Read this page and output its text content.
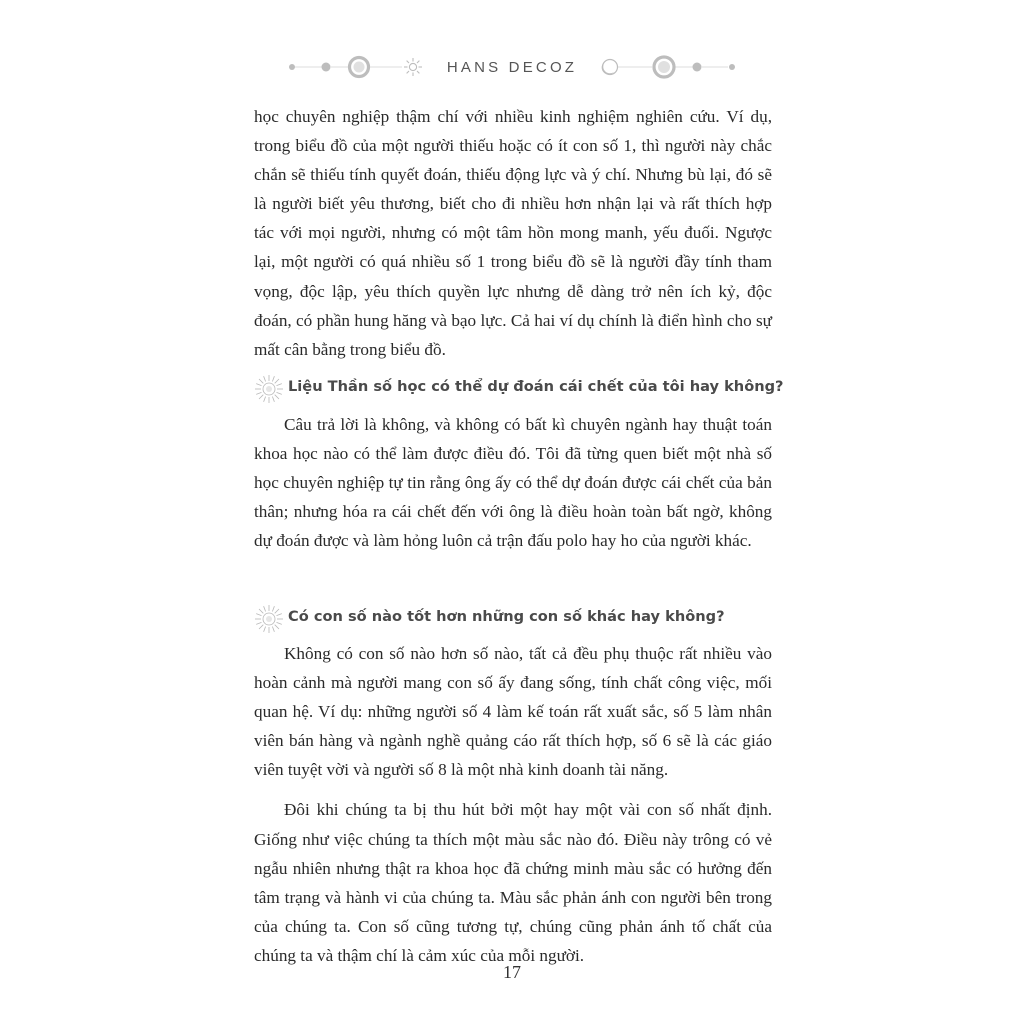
HANS DECOZ

học chuyên nghiệp thậm chí với nhiều kinh nghiệm nghiên cứu. Ví dụ, trong biểu đồ của một người thiếu hoặc có ít con số 1, thì người này chắc chắn sẽ thiếu tính quyết đoán, thiếu động lực và ý chí. Nhưng bù lại, đó sẽ là người biết yêu thương, biết cho đi nhiều hơn nhận lại và rất thích hợp tác với mọi người, nhưng có một tâm hồn mong manh, yếu đuối. Ngược lại, một người có quá nhiều số 1 trong biểu đồ sẽ là người đầy tính tham vọng, độc lập, yêu thích quyền lực nhưng dễ dàng trở nên ích kỷ, độc đoán, có phần hung hăng và bạo lực. Cả hai ví dụ chính là điển hình cho sự mất cân bằng trong biểu đồ.

Liệu Thần số học có thể dự đoán cái chết của tôi hay không?

Câu trả lời là không, và không có bất kì chuyên ngành hay thuật toán khoa học nào có thể làm được điều đó. Tôi đã từng quen biết một nhà số học chuyên nghiệp tự tin rằng ông ấy có thể dự đoán được cái chết của bản thân; nhưng hóa ra cái chết đến với ông là điều hoàn toàn bất ngờ, không dự đoán được và làm hỏng luôn cả trận đấu polo hay ho của người khác.

Có con số nào tốt hơn những con số khác hay không?

Không có con số nào hơn số nào, tất cả đều phụ thuộc rất nhiều vào hoàn cảnh mà người mang con số ấy đang sống, tính chất công việc, mối quan hệ. Ví dụ: những người số 4 làm kế toán rất xuất sắc, số 5 làm nhân viên bán hàng và ngành nghề quảng cáo rất thích hợp, số 6 sẽ là các giáo viên tuyệt vời và người số 8 là một nhà kinh doanh tài năng.

Đôi khi chúng ta bị thu hút bởi một hay một vài con số nhất định. Giống như việc chúng ta thích một màu sắc nào đó. Điều này trông có vẻ ngẫu nhiên nhưng thật ra khoa học đã chứng minh màu sắc có hưởng đến tâm trạng và hành vi của chúng ta. Màu sắc phản ánh con người bên trong của chúng ta. Con số cũng tương tự, chúng cũng phản ánh tố chất của chúng ta và thậm chí là cảm xúc của mỗi người.

17
